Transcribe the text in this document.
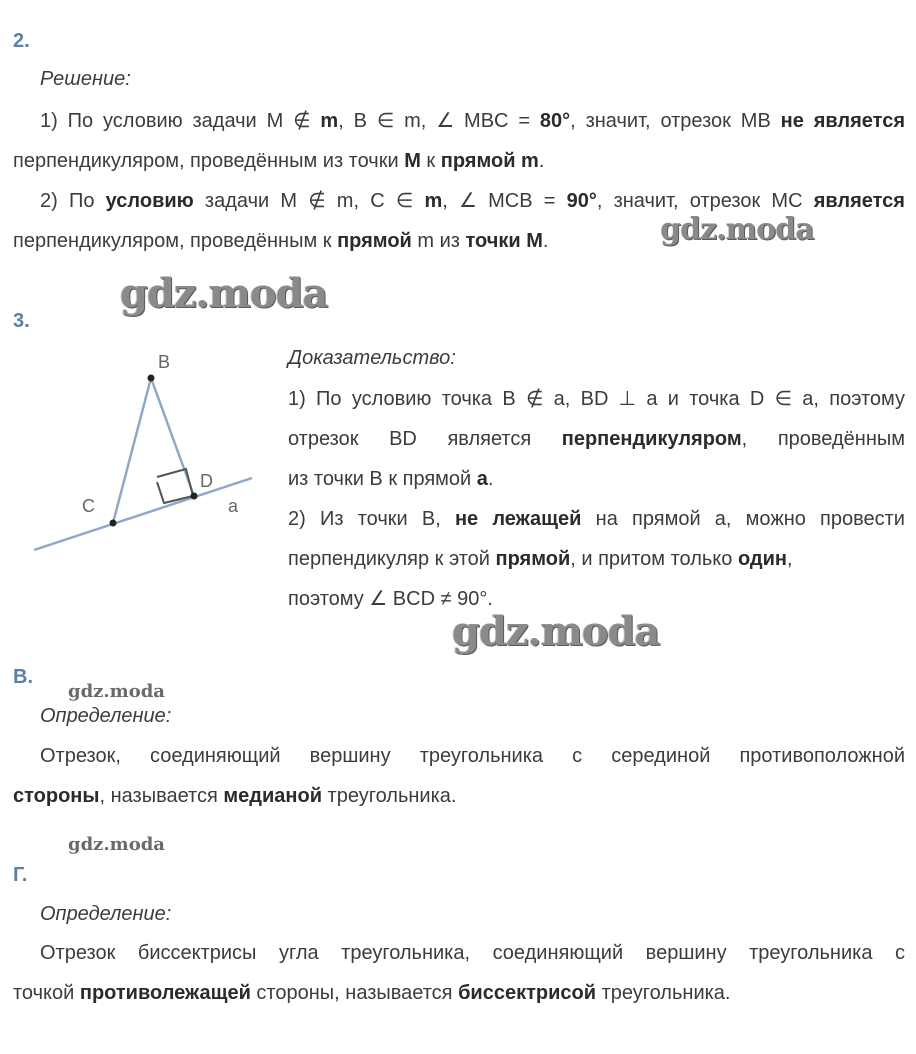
2.
Решение:
1) По условию задачи M ∉ m, B ∈ m, ∠ MBC = 80°, значит, отрезок MB не является
перпендикуляром, проведённым из точки M к прямой m.
2) По условию задачи M ∉ m, C ∈ m, ∠ MCB = 90°, значит, отрезок MC является
перпендикуляром, проведённым к прямой m из точки M.	gdz.moda
gdz.moda
3.
B
C
D
a
Доказательство:
1) По условию точка B ∉ a, BD ⊥ a и точка D ∈ a, поэтому
отрезок BD является перпендикуляром, проведённым
из точки B к прямой а.
2) Из точки B, не лежащей на прямой a, можно провести
перпендикуляр к этой прямой, и притом только один,
поэтому ∠ BCD ≠ 90°.
gdz.moda
В.
gdz.moda
Определение:
Отрезок, соединяющий вершину треугольника с серединой противоположной
стороны, называется медианой треугольника.
gdz.moda
Г.
Определение:
Отрезок биссектрисы угла треугольника, соединяющий вершину треугольника с
точкой противолежащей стороны, называется биссектрисой треугольника.
